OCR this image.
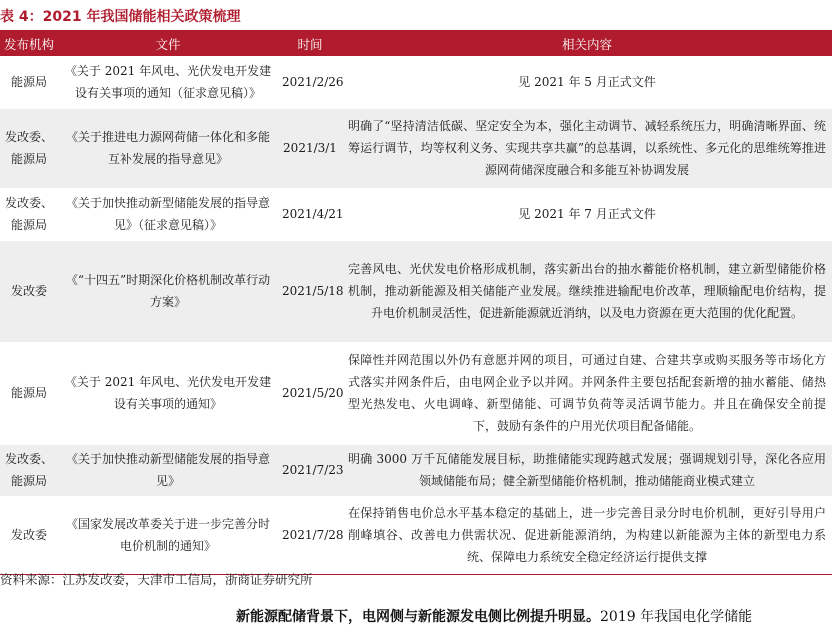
表 4：2021 年我国储能相关政策梳理
发布机构	文件	时间	相关内容
能源局	《关于 2021 年风电、光伏发电开发建设有关事项的通知（征求意见稿）》	2021/2/26	见 2021 年 5 月正式文件
发改委、能源局	《关于推进电力源网荷储一体化和多能互补发展的指导意见》	2021/3/1	明确了“坚持清洁低碳、坚定安全为本，强化主动调节、减轻系统压力，明确清晰界面、统筹运行调节，均等权利义务、实现共享共赢”的总基调，以系统性、多元化的思维统筹推进源网荷储深度融合和多能互补协调发展
发改委、能源局	《关于加快推动新型储能发展的指导意见》（征求意见稿）》	2021/4/21	见 2021 年 7 月正式文件
发改委	《“十四五”时期深化价格机制改革行动方案》	2021/5/18	完善风电、光伏发电价格形成机制，落实新出台的抽水蓄能价格机制，建立新型储能价格机制，推动新能源及相关储能产业发展。继续推进输配电价改革，理顺输配电价结构，提升电价机制灵活性，促进新能源就近消纳，以及电力资源在更大范围的优化配置。
能源局	《关于 2021 年风电、光伏发电开发建设有关事项的通知》	2021/5/20	保障性并网范围以外仍有意愿并网的项目，可通过自建、合建共享或购买服务等市场化方式落实并网条件后，由电网企业予以并网。并网条件主要包括配套新增的抽水蓄能、储热型光热发电、火电调峰、新型储能、可调节负荷等灵活调节能力。并且在确保安全前提下，鼓励有条件的户用光伏项目配备储能。
发改委、能源局	《关于加快推动新型储能发展的指导意见》	2021/7/23	明确 3000 万千瓦储能发展目标，助推储能实现跨越式发展；强调规划引导，深化各应用领域储能布局；健全新型储能价格机制，推动储能商业模式建立
发改委	《国家发展改革委关于进一步完善分时电价机制的通知》	2021/7/28	在保持销售电价总水平基本稳定的基础上，进一步完善目录分时电价机制，更好引导用户削峰填谷、改善电力供需状况、促进新能源消纳，为构建以新能源为主体的新型电力系统、保障电力系统安全稳定经济运行提供支撑
资料来源：江苏发改委，天津市工信局，浙商证券研究所
新能源配储背景下，电网侧与新能源发电侧比例提升明显。2019 年我国电化学储能
